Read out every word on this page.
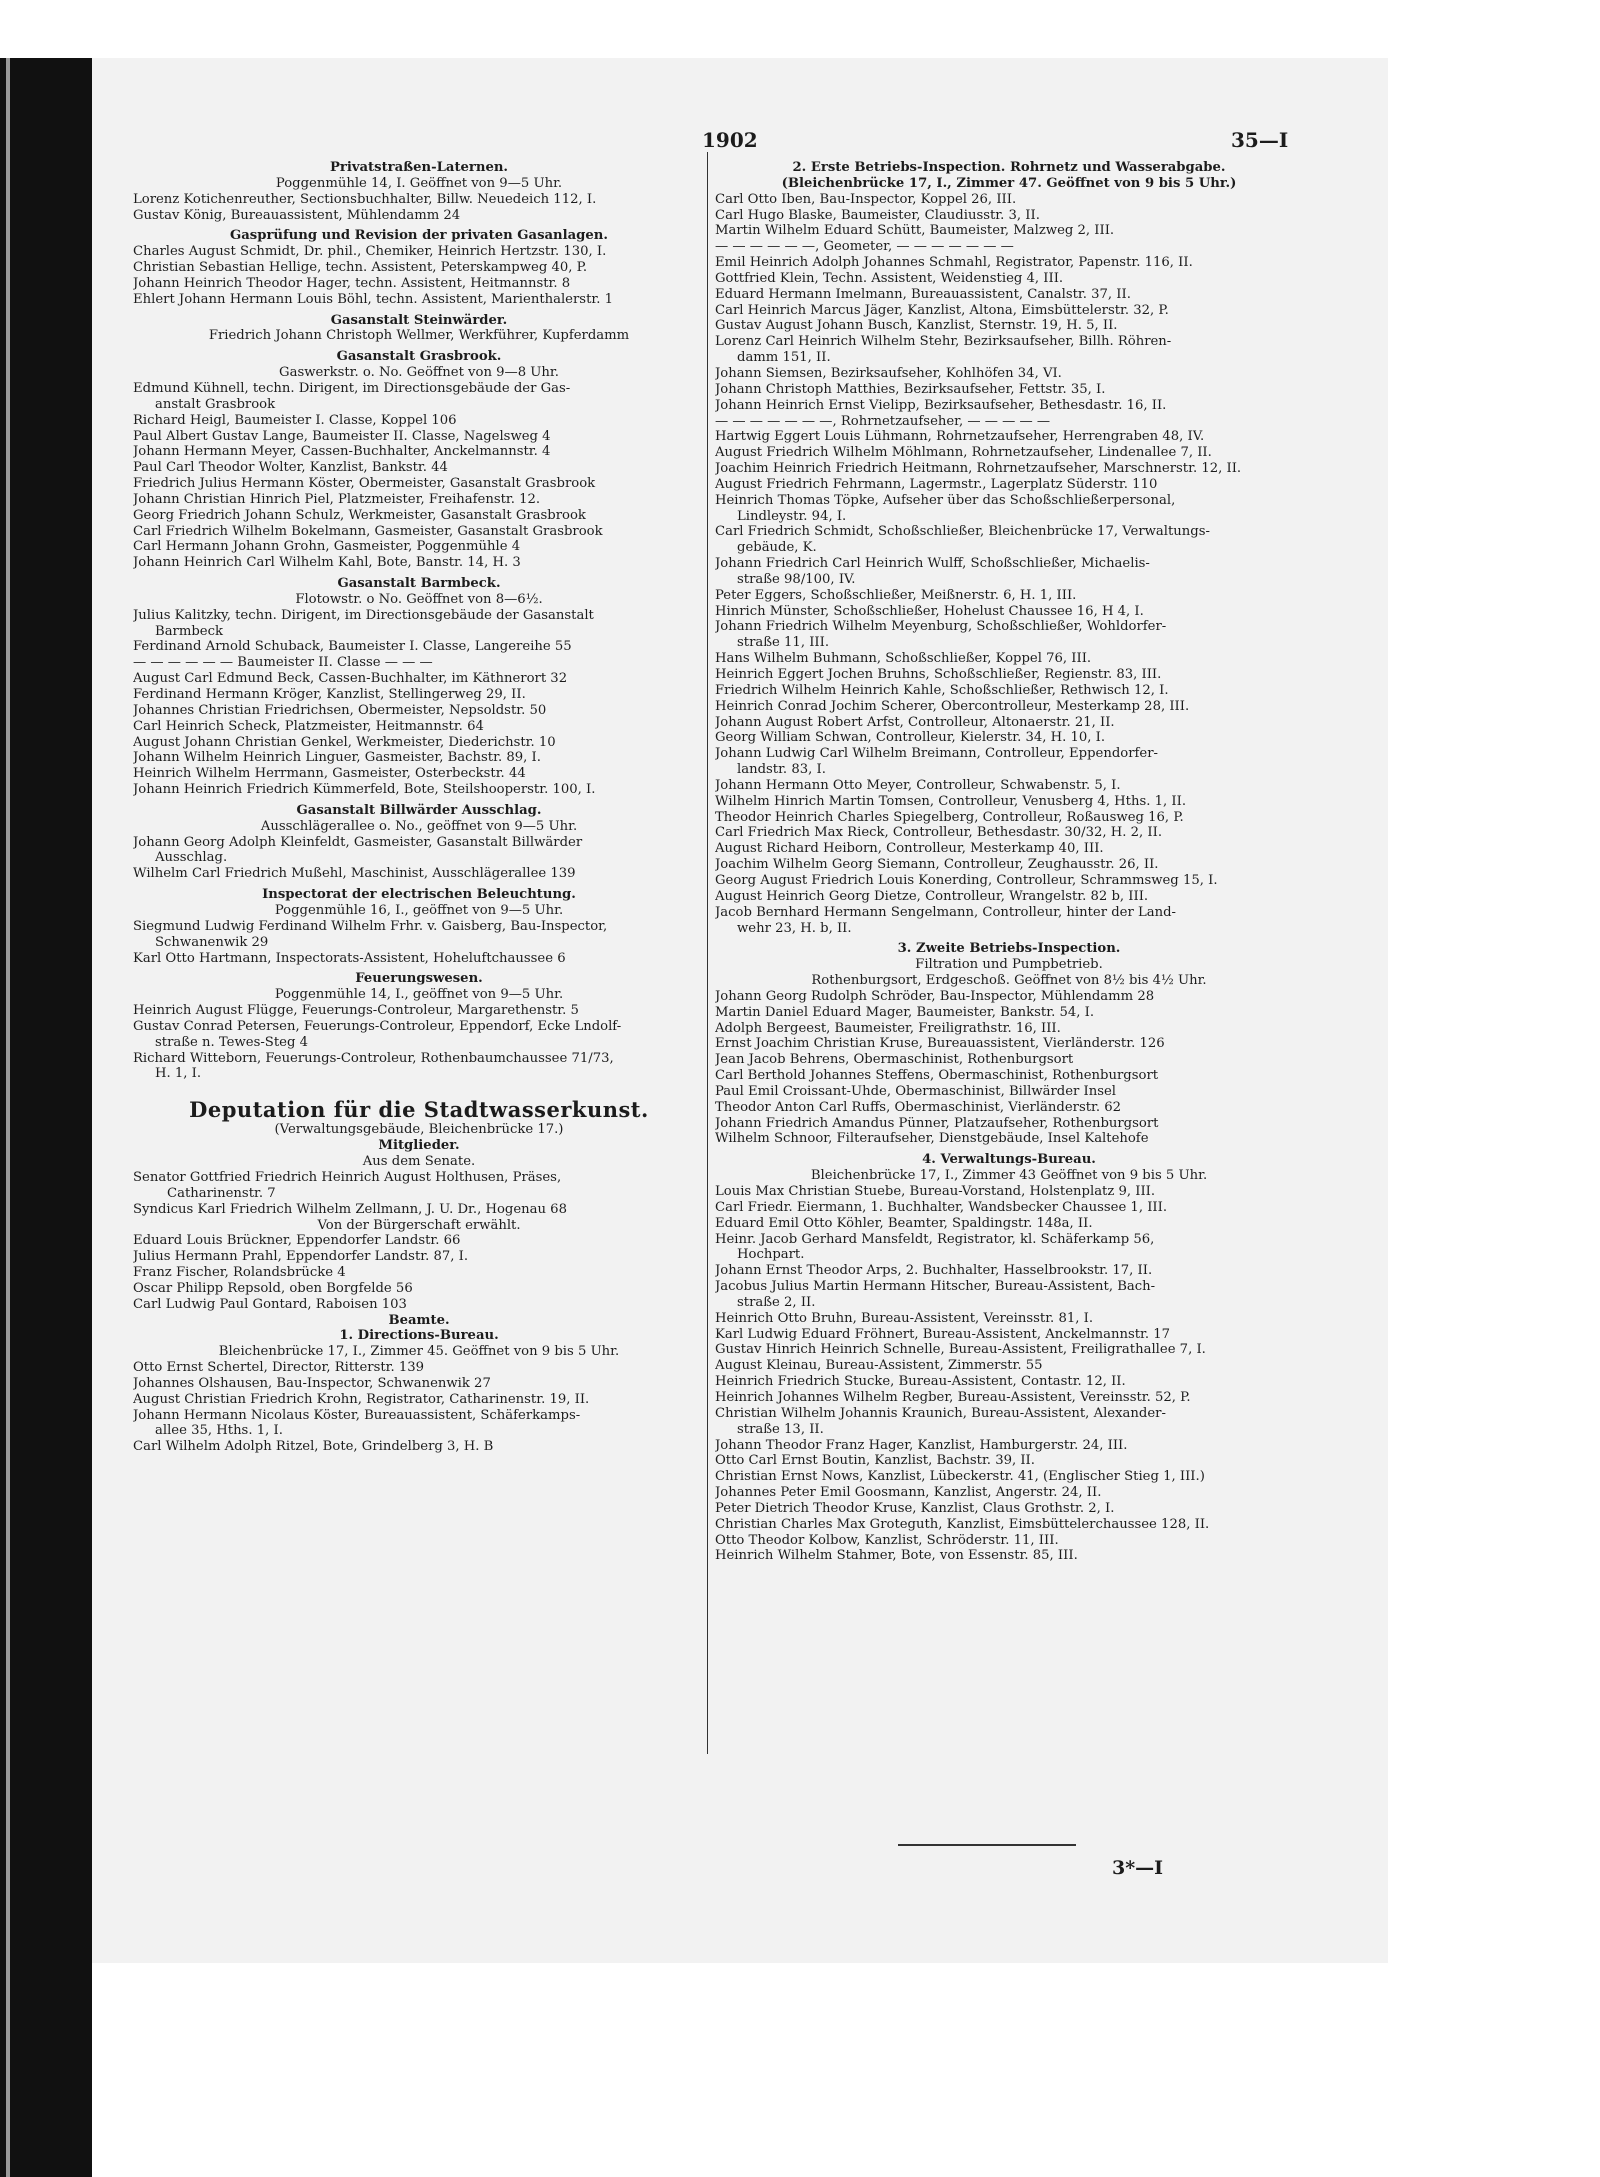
1902	35—I
Privatstraßen-Laternen.
Poggenmühle 14, I. Geöffnet von 9—5 Uhr.
Lorenz Kotichenreuther, Sectionsbuchhalter, Billw. Neuedeich 112, I.
Gustav König, Bureauassistent, Mühlendamm 24
Gasprüfung und Revision der privaten Gasanlagen.
Charles August Schmidt, Dr. phil., Chemiker, Heinrich Hertzstr. 130, I.
Christian Sebastian Hellige, techn. Assistent, Peterskampweg 40, P.
Johann Heinrich Theodor Hager, techn. Assistent, Heitmannstr. 8
Ehlert Johann Hermann Louis Böhl, techn. Assistent, Marienthalerstr. 1
Gasanstalt Steinwärder.
Friedrich Johann Christoph Wellmer, Werkführer, Kupferdamm
Gasanstalt Grasbrook.
Gaswerkstr. o. No. Geöffnet von 9—8 Uhr.
Edmund Kühnell, techn. Dirigent, im Directionsgebäude der Gas-
anstalt Grasbrook
Richard Heigl, Baumeister I. Classe, Koppel 106
Paul Albert Gustav Lange, Baumeister II. Classe, Nagelsweg 4
Johann Hermann Meyer, Cassen-Buchhalter, Anckelmannstr. 4
Paul Carl Theodor Wolter, Kanzlist, Bankstr. 44
Friedrich Julius Hermann Köster, Obermeister, Gasanstalt Grasbrook
Johann Christian Hinrich Piel, Platzmeister, Freihafenstr. 12.
Georg Friedrich Johann Schulz, Werkmeister, Gasanstalt Grasbrook
Carl Friedrich Wilhelm Bokelmann, Gasmeister, Gasanstalt Grasbrook
Carl Hermann Johann Grohn, Gasmeister, Poggenmühle 4
Johann Heinrich Carl Wilhelm Kahl, Bote, Banstr. 14, H. 3
Gasanstalt Barmbeck.
Flotowstr. o No. Geöffnet von 8—6½.
Julius Kalitzky, techn. Dirigent, im Directionsgebäude der Gasanstalt
Barmbeck
Ferdinand Arnold Schuback, Baumeister I. Classe, Langereihe 55
— — — — — — Baumeister II. Classe — — —
August Carl Edmund Beck, Cassen-Buchhalter, im Käthnerort 32
Ferdinand Hermann Kröger, Kanzlist, Stellingerweg 29, II.
Johannes Christian Friedrichsen, Obermeister, Nepsoldstr. 50
Carl Heinrich Scheck, Platzmeister, Heitmannstr. 64
August Johann Christian Genkel, Werkmeister, Diederichstr. 10
Johann Wilhelm Heinrich Linguer, Gasmeister, Bachstr. 89, I.
Heinrich Wilhelm Herrmann, Gasmeister, Osterbeckstr. 44
Johann Heinrich Friedrich Kümmerfeld, Bote, Steilshooperstr. 100, I.
Gasanstalt Billwärder Ausschlag.
Ausschlägerallee o. No., geöffnet von 9—5 Uhr.
Johann Georg Adolph Kleinfeldt, Gasmeister, Gasanstalt Billwärder
Ausschlag.
Wilhelm Carl Friedrich Mußehl, Maschinist, Ausschlägerallee 139
Inspectorat der electrischen Beleuchtung.
Poggenmühle 16, I., geöffnet von 9—5 Uhr.
Siegmund Ludwig Ferdinand Wilhelm Frhr. v. Gaisberg, Bau-Inspector,
Schwanenwik 29
Karl Otto Hartmann, Inspectorats-Assistent, Hoheluftchaussee 6
Feuerungswesen.
Poggenmühle 14, I., geöffnet von 9—5 Uhr.
Heinrich August Flügge, Feuerungs-Controleur, Margarethenstr. 5
Gustav Conrad Petersen, Feuerungs-Controleur, Eppendorf, Ecke Lndolf-
straße n. Tewes-Steg 4
Richard Witteborn, Feuerungs-Controleur, Rothenbaumchaussee 71/73,
H. 1, I.
Deputation für die Stadtwasserkunst.
(Verwaltungsgebäude, Bleichenbrücke 17.)
Mitglieder.
Aus dem Senate.
Senator Gottfried Friedrich Heinrich August Holthusen, Präses,
Catharinenstr. 7
Syndicus Karl Friedrich Wilhelm Zellmann, J. U. Dr., Hogenau 68
Von der Bürgerschaft erwählt.
Eduard Louis Brückner, Eppendorfer Landstr. 66
Julius Hermann Prahl, Eppendorfer Landstr. 87, I.
Franz Fischer, Rolandsbrücke 4
Oscar Philipp Repsold, oben Borgfelde 56
Carl Ludwig Paul Gontard, Raboisen 103
Beamte.
1. Directions-Bureau.
Bleichenbrücke 17, I., Zimmer 45. Geöffnet von 9 bis 5 Uhr.
Otto Ernst Schertel, Director, Ritterstr. 139
Johannes Olshausen, Bau-Inspector, Schwanenwik 27
August Christian Friedrich Krohn, Registrator, Catharinenstr. 19, II.
Johann Hermann Nicolaus Köster, Bureauassistent, Schäferkamps-
allee 35, Hths. 1, I.
Carl Wilhelm Adolph Ritzel, Bote, Grindelberg 3, H. B
2. Erste Betriebs-Inspection. Rohrnetz und Wasserabgabe.
(Bleichenbrücke 17, I., Zimmer 47. Geöffnet von 9 bis 5 Uhr.)
Carl Otto Iben, Bau-Inspector, Koppel 26, III.
Carl Hugo Blaske, Baumeister, Claudiusstr. 3, II.
Martin Wilhelm Eduard Schütt, Baumeister, Malzweg 2, III.
— — — — — —, Geometer, — — — — — — —
Emil Heinrich Adolph Johannes Schmahl, Registrator, Papenstr. 116, II.
Gottfried Klein, Techn. Assistent, Weidenstieg 4, III.
Eduard Hermann Imelmann, Bureauassistent, Canalstr. 37, II.
Carl Heinrich Marcus Jäger, Kanzlist, Altona, Eimsbüttelerstr. 32, P.
Gustav August Johann Busch, Kanzlist, Sternstr. 19, H. 5, II.
Lorenz Carl Heinrich Wilhelm Stehr, Bezirksaufseher, Billh. Röhren-
damm 151, II.
Johann Siemsen, Bezirksaufseher, Kohlhöfen 34, VI.
Johann Christoph Matthies, Bezirksaufseher, Fettstr. 35, I.
Johann Heinrich Ernst Vielipp, Bezirksaufseher, Bethesdastr. 16, II.
— — — — — — —, Rohrnetzaufseher, — — — — —
Hartwig Eggert Louis Lühmann, Rohrnetzaufseher, Herrengraben 48, IV.
August Friedrich Wilhelm Möhlmann, Rohrnetzaufseher, Lindenallee 7, II.
Joachim Heinrich Friedrich Heitmann, Rohrnetzaufseher, Marschnerstr. 12, II.
August Friedrich Fehrmann, Lagermstr., Lagerplatz Süderstr. 110
Heinrich Thomas Töpke, Aufseher über das Schoßschließerpersonal,
Lindleystr. 94, I.
Carl Friedrich Schmidt, Schoßschließer, Bleichenbrücke 17, Verwaltungs-
gebäude, K.
Johann Friedrich Carl Heinrich Wulff, Schoßschließer, Michaelis-
straße 98/100, IV.
Peter Eggers, Schoßschließer, Meißnerstr. 6, H. 1, III.
Hinrich Münster, Schoßschließer, Hohelust Chaussee 16, H 4, I.
Johann Friedrich Wilhelm Meyenburg, Schoßschließer, Wohldorfer-
straße 11, III.
Hans Wilhelm Buhmann, Schoßschließer, Koppel 76, III.
Heinrich Eggert Jochen Bruhns, Schoßschließer, Regienstr. 83, III.
Friedrich Wilhelm Heinrich Kahle, Schoßschließer, Rethwisch 12, I.
Heinrich Conrad Jochim Scherer, Obercontrolleur, Mesterkamp 28, III.
Johann August Robert Arfst, Controlleur, Altonaerstr. 21, II.
Georg William Schwan, Controlleur, Kielerstr. 34, H. 10, I.
Johann Ludwig Carl Wilhelm Breimann, Controlleur, Eppendorfer-
landstr. 83, I.
Johann Hermann Otto Meyer, Controlleur, Schwabenstr. 5, I.
Wilhelm Hinrich Martin Tomsen, Controlleur, Venusberg 4, Hths. 1, II.
Theodor Heinrich Charles Spiegelberg, Controlleur, Roßausweg 16, P.
Carl Friedrich Max Rieck, Controlleur, Bethesdastr. 30/32, H. 2, II.
August Richard Heiborn, Controlleur, Mesterkamp 40, III.
Joachim Wilhelm Georg Siemann, Controlleur, Zeughausstr. 26, II.
Georg August Friedrich Louis Konerding, Controlleur, Schrammsweg 15, I.
August Heinrich Georg Dietze, Controlleur, Wrangelstr. 82 b, III.
Jacob Bernhard Hermann Sengelmann, Controlleur, hinter der Land-
wehr 23, H. b, II.
3. Zweite Betriebs-Inspection.
Filtration und Pumpbetrieb.
Rothenburgsort, Erdgeschoß. Geöffnet von 8½ bis 4½ Uhr.
Johann Georg Rudolph Schröder, Bau-Inspector, Mühlendamm 28
Martin Daniel Eduard Mager, Baumeister, Bankstr. 54, I.
Adolph Bergeest, Baumeister, Freiligrathstr. 16, III.
Ernst Joachim Christian Kruse, Bureauassistent, Vierländerstr. 126
Jean Jacob Behrens, Obermaschinist, Rothenburgsort
Carl Berthold Johannes Steffens, Obermaschinist, Rothenburgsort
Paul Emil Croissant-Uhde, Obermaschinist, Billwärder Insel
Theodor Anton Carl Ruffs, Obermaschinist, Vierländerstr. 62
Johann Friedrich Amandus Pünner, Platzaufseher, Rothenburgsort
Wilhelm Schnoor, Filteraufseher, Dienstgebäude, Insel Kaltehofe
4. Verwaltungs-Bureau.
Bleichenbrücke 17, I., Zimmer 43 Geöffnet von 9 bis 5 Uhr.
Louis Max Christian Stuebe, Bureau-Vorstand, Holstenplatz 9, III.
Carl Friedr. Eiermann, 1. Buchhalter, Wandsbecker Chaussee 1, III.
Eduard Emil Otto Köhler, Beamter, Spaldingstr. 148a, II.
Heinr. Jacob Gerhard Mansfeldt, Registrator, kl. Schäferkamp 56,
Hochpart.
Johann Ernst Theodor Arps, 2. Buchhalter, Hasselbrookstr. 17, II.
Jacobus Julius Martin Hermann Hitscher, Bureau-Assistent, Bach-
straße 2, II.
Heinrich Otto Bruhn, Bureau-Assistent, Vereinsstr. 81, I.
Karl Ludwig Eduard Fröhnert, Bureau-Assistent, Anckelmannstr. 17
Gustav Hinrich Heinrich Schnelle, Bureau-Assistent, Freiligrathallee 7, I.
August Kleinau, Bureau-Assistent, Zimmerstr. 55
Heinrich Friedrich Stucke, Bureau-Assistent, Contastr. 12, II.
Heinrich Johannes Wilhelm Regber, Bureau-Assistent, Vereinsstr. 52, P.
Christian Wilhelm Johannis Kraunich, Bureau-Assistent, Alexander-
straße 13, II.
Johann Theodor Franz Hager, Kanzlist, Hamburgerstr. 24, III.
Otto Carl Ernst Boutin, Kanzlist, Bachstr. 39, II.
Christian Ernst Nows, Kanzlist, Lübeckerstr. 41, (Englischer Stieg 1, III.)
Johannes Peter Emil Goosmann, Kanzlist, Angerstr. 24, II.
Peter Dietrich Theodor Kruse, Kanzlist, Claus Grothstr. 2, I.
Christian Charles Max Groteguth, Kanzlist, Eimsbüttelerchaussee 128, II.
Otto Theodor Kolbow, Kanzlist, Schröderstr. 11, III.
Heinrich Wilhelm Stahmer, Bote, von Essenstr. 85, III.
3*—I
